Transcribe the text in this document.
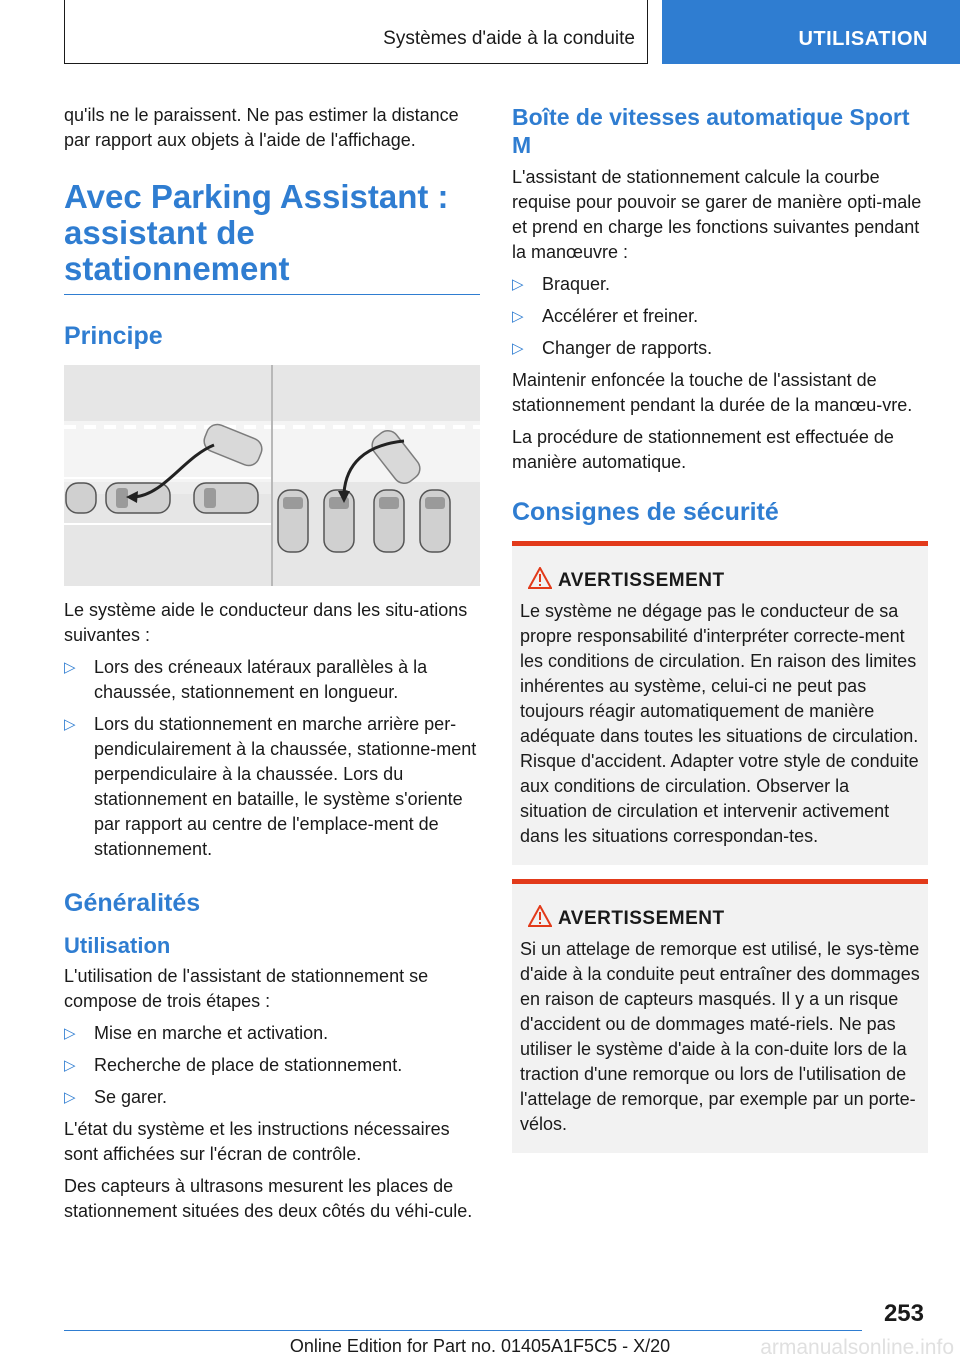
Systèmes d'aide à la conduite	UTILISATION

qu'ils ne le paraissent. Ne pas estimer la distance par rapport aux objets à l'aide de l'affichage.

Avec Parking Assistant : assistant de stationnement
Principe

Le système aide le conducteur dans les situ‐ations suivantes :

▷ Lors des créneaux latéraux parallèles à la chaussée, stationnement en longueur.
▷ Lors du stationnement en marche arrière per‐pendiculairement à la chaussée, stationne‐ment perpendiculaire à la chaussée. Lors du stationnement en bataille, le système s'oriente par rapport au centre de l'emplace‐ment de stationnement.
Généralités
Utilisation

L'utilisation de l'assistant de stationnement se compose de trois étapes :

▷ Mise en marche et activation.
▷ Recherche de place de stationnement.
▷ Se garer.

L'état du système et les instructions nécessaires sont affichées sur l'écran de contrôle.

Des capteurs à ultrasons mesurent les places de stationnement situées des deux côtés du véhi‐cule.

Boîte de vitesses automatique Sport M

L'assistant de stationnement calcule la courbe requise pour pouvoir se garer de manière opti‐male et prend en charge les fonctions suivantes pendant la manœuvre :

▷ Braquer.
▷ Accélérer et freiner.
▷ Changer de rapports.

Maintenir enfoncée la touche de l'assistant de stationnement pendant la durée de la manœu‐vre.

La procédure de stationnement est effectuée de manière automatique.

Consignes de sécurité
AVERTISSEMENT

Le système ne dégage pas le conducteur de sa propre responsabilité d'interpréter correcte‐ment les conditions de circulation. En raison des limites inhérentes au système, celui-ci ne peut pas toujours réagir automatiquement de manière adéquate dans toutes les situations de circulation. Risque d'accident. Adapter votre style de conduite aux conditions de circulation. Observer la situation de circulation et intervenir activement dans les situations correspondan‐tes.

AVERTISSEMENT

Si un attelage de remorque est utilisé, le sys‐tème d'aide à la conduite peut entraîner des dommages en raison de capteurs masqués. Il y a un risque d'accident ou de dommages maté‐riels. Ne pas utiliser le système d'aide à la con‐duite lors de la traction d'une remorque ou lors de l'utilisation de l'attelage de remorque, par exemple par un porte-vélos.

253
Online Edition for Part no. 01405A1F5C5 - X/20	armanualsonline.info
